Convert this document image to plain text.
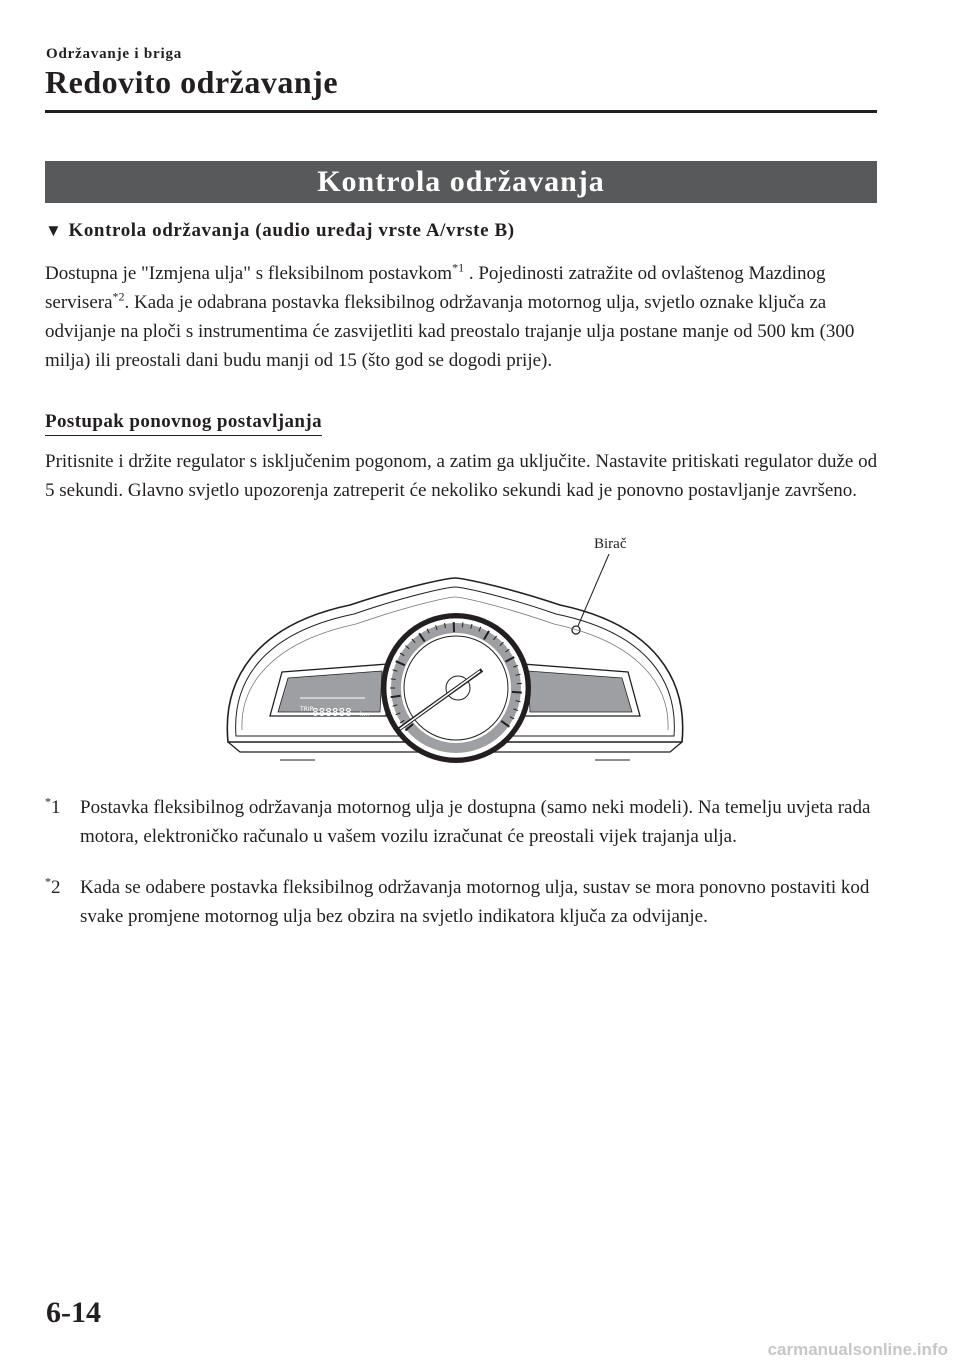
Održavanje i briga
Redovito održavanje
Kontrola održavanja
▼ Kontrola održavanja (audio uređaj vrste A/vrste B)
Dostupna je "Izmjena ulja" s fleksibilnom postavkom$^{*1}$ . Pojedinosti zatražite od ovlaštenog Mazdinog servisera$^{*2}$. Kada je odabrana postavka fleksibilnog održavanja motornog ulja, svjetlo oznake ključa za odvijanje na ploči s instrumentima će zasvijetliti kad preostalo trajanje ulja postane manje od 500 km (300 milja) ili preostali dani budu manji od 15 (što god se dogodi prije).
Postupak ponovnog postavljanja
Pritisnite i držite regulator s isključenim pogonom, a zatim ga uključite. Nastavite pritiskati regulator duže od 5 sekundi. Glavno svjetlo upozorenja zatreperit će nekoliko sekundi kad je ponovno postavljanje završeno.
Birač
TRIP
888888 km
*1 Postavka fleksibilnog održavanja motornog ulja je dostupna (samo neki modeli). Na temelju uvjeta rada motora, elektroničko računalo u vašem vozilu izračunat će preostali vijek trajanja ulja.
*2 Kada se odabere postavka fleksibilnog održavanja motornog ulja, sustav se mora ponovno postaviti kod svake promjene motornog ulja bez obzira na svjetlo indikatora ključa za odvijanje.
6-14
carmanualsonline.info
